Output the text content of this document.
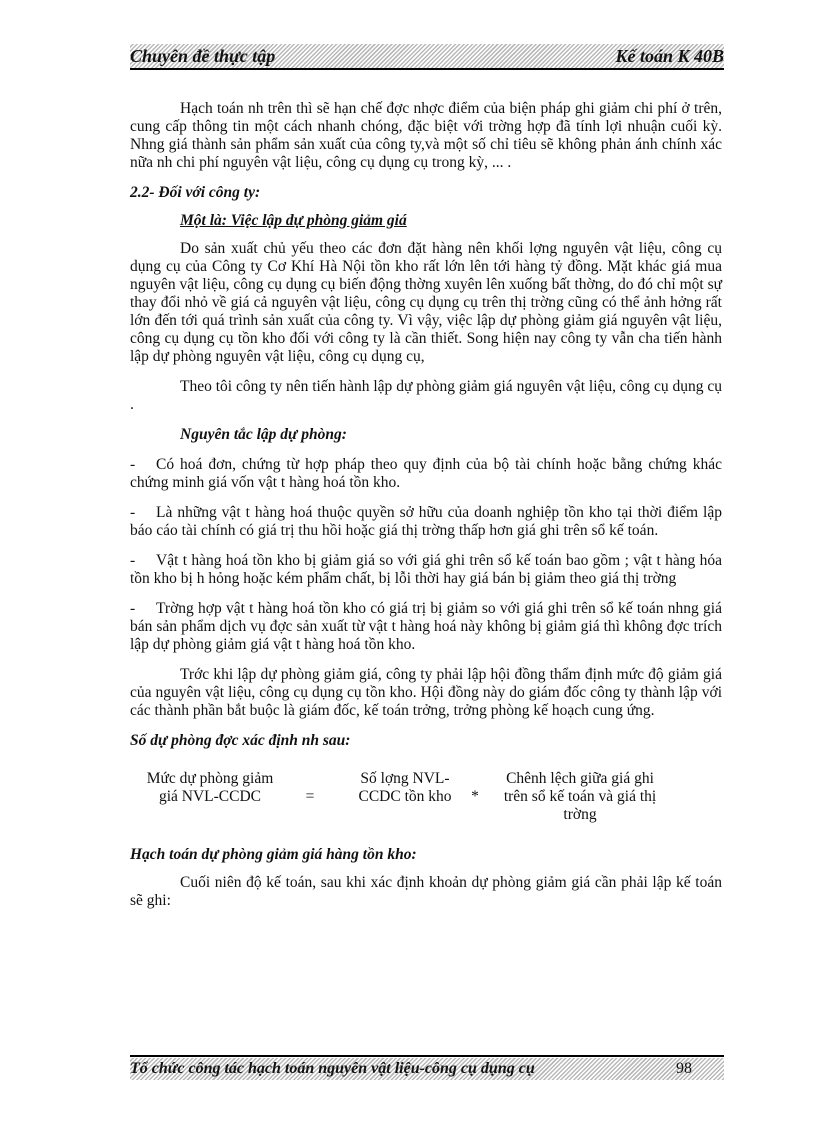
Chuyên đề thực tập	Kế toán K 40B

Hạch toán nh trên thì sẽ hạn chế đợc nhợc điểm của biện pháp ghi giảm chi phí ở trên, cung cấp thông tin một cách nhanh chóng, đặc biệt với trờng hợp đã tính lợi nhuận cuối kỳ. Nhng giá thành sản phẩm sản xuất của công ty,và một số chỉ tiêu sẽ không phản ánh chính xác nữa nh chi phí nguyên vật liệu, công cụ dụng cụ trong kỳ, ... .

2.2- Đối với công ty:
Một là: Việc lập dự phòng giảm giá

Do sản xuất chủ yếu theo các đơn đặt hàng nên khối lợng nguyên vật liệu, công cụ dụng cụ của Công ty Cơ Khí Hà Nội tồn kho rất lớn lên tới hàng tỷ đồng. Mặt khác giá mua nguyên vật liệu, công cụ dụng cụ biến động thờng xuyên lên xuống bất thờng, do đó chỉ một sự thay đổi nhỏ về giá cả nguyên vật liệu, công cụ dụng cụ trên thị trờng cũng có thể ảnh hởng rất lớn đến tới quá trình sản xuất của công ty. Vì vậy, việc lập dự phòng giảm giá nguyên vật liệu, công cụ dụng cụ tồn kho đối với công ty là cần thiết. Song hiện nay công ty vẫn cha tiến hành lập dự phòng nguyên vật liệu, công cụ dụng cụ,

Theo tôi công ty nên tiến hành lập dự phòng giảm giá nguyên vật liệu, công cụ dụng cụ .

Nguyên tắc lập dự phòng:

- Có hoá đơn, chứng từ hợp pháp theo quy định của bộ tài chính hoặc bằng chứng khác chứng minh giá vốn vật t hàng hoá tồn kho.

- Là những vật t hàng hoá thuộc quyền sở hữu của doanh nghiệp tồn kho tại thời điểm lập báo cáo tài chính có giá trị thu hồi hoặc giá thị trờng thấp hơn giá ghi trên sổ kế toán.

- Vật t hàng hoá tồn kho bị giảm giá so với giá ghi trên sổ kế toán bao gồm ; vật t hàng hóa tồn kho bị h hỏng hoặc kém phẩm chất, bị lỗi thời hay giá bán bị giảm theo giá thị trờng

- Trờng hợp vật t hàng hoá tồn kho có giá trị bị giảm so với giá ghi trên sổ kế toán nhng giá bán sản phẩm dịch vụ đợc sản xuất từ vật t hàng hoá này không bị giảm giá thì không đợc trích lập dự phòng giảm giá vật t hàng hoá tồn kho.

Trớc khi lập dự phòng giảm giá, công ty phải lập hội đồng thẩm định mức độ giảm giá của nguyên vật liệu, công cụ dụng cụ tồn kho. Hội đồng này do giám đốc công ty thành lập với các thành phần bắt buộc là giám đốc, kế toán trởng, trởng phòng kế hoạch cung ứng.

Số dự phòng đợc xác định nh sau:
Mức dự phòng giảm giá NVL-CCDC	=
Số lợng NVL-CCDC tồn kho	*
Chênh lệch giữa giá ghi trên sổ kế toán và giá thị trờng
Hạch toán dự phòng giảm giá hàng tồn kho:

Cuối niên độ kế toán, sau khi xác định khoản dự phòng giảm giá cần phải lập kế toán sẽ ghi:

Tổ chức công tác hạch toán nguyên vật liệu-công cụ dụng cụ	98
